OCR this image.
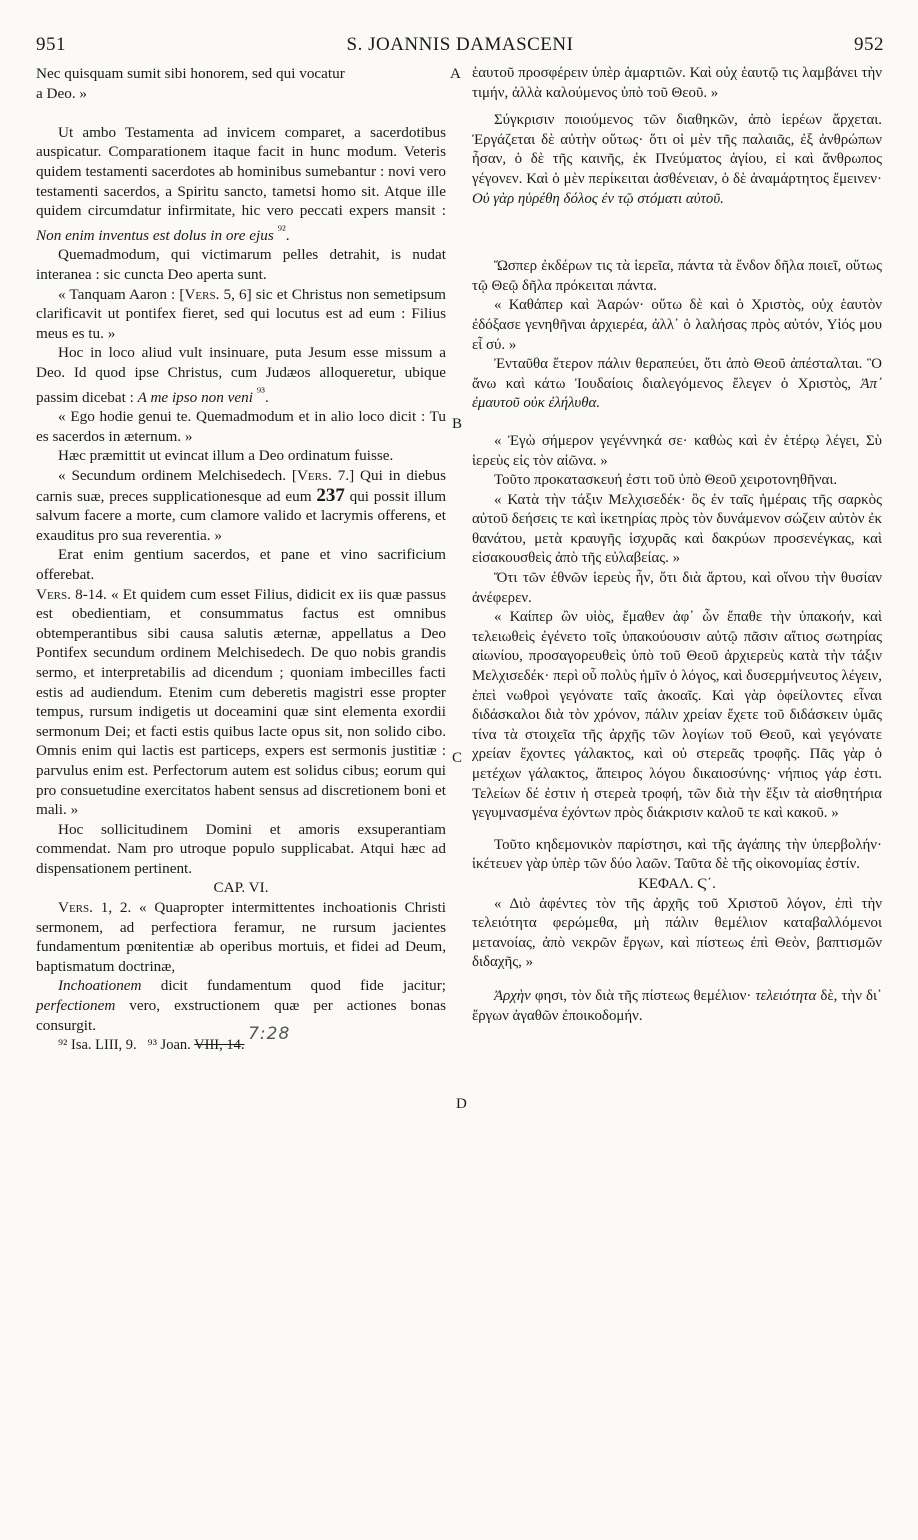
951	S. JOANNIS DAMASCENI	952
A
B
C
D

Nec quisquam sumit sibi honorem, sed qui vocatur
a Deo. »

Ut ambo Testamenta ad invicem comparet, a sacerdotibus auspicatur. Comparationem itaque facit in hunc modum. Veteris quidem testamenti sacerdotes ab hominibus sumebantur : novi vero testamenti sacerdos, a Spiritu sancto, tametsi homo sit. Atque ille quidem circumdatur infirmitate, hic vero peccati expers mansit : Non enim inventus est dolus in ore ejus $^{^{92}}$.

Quemadmodum, qui victimarum pelles detrahit, is nudat interanea : sic cuncta Deo aperta sunt.

« Tanquam Aaron : [Vers. 5, 6] sic et Christus non semetipsum clarificavit ut pontifex fieret, sed qui locutus est ad eum : Filius meus es tu. »

Hoc in loco aliud vult insinuare, puta Jesum esse missum a Deo. Id quod ipse Christus, cum Judæos alloqueretur, ubique passim dicebat : A me ipso non veni $^{^{93}}$.

« Ego hodie genui te. Quemadmodum et in alio loco dicit : Tu es sacerdos in æternum. »

Hæc præmittit ut evincat illum a Deo ordinatum fuisse.

« Secundum ordinem Melchisedech. [Vers. 7.] Qui in diebus carnis suæ, preces supplicationesque ad eum 237 qui possit illum salvum facere a morte, cum clamore valido et lacrymis offerens, et exauditus pro sua reverentia. »

Erat enim gentium sacerdos, et pane et vino sacrificium offerebat.

Vers. 8-14. « Et quidem cum esset Filius, didicit ex iis quæ passus est obedientiam, et consummatus factus est omnibus obtemperantibus sibi causa salutis æternæ, appellatus a Deo Pontifex secundum ordinem Melchisedech. De quo nobis grandis sermo, et interpretabilis ad dicendum ; quoniam imbecilles facti estis ad audiendum. Etenim cum deberetis magistri esse propter tempus, rursum indigetis ut doceamini quæ sint elementa exordii sermonum Dei; et facti estis quibus lacte opus sit, non solido cibo. Omnis enim qui lactis est particeps, expers est sermonis justitiæ : parvulus enim est. Perfectorum autem est solidus cibus; eorum qui pro consuetudine exercitatos habent sensus ad discretionem boni et mali. »

Hoc sollicitudinem Domini et amoris exsuperantiam commendat. Nam pro utroque populo supplicabat. Atqui hæc ad dispensationem pertinent.

CAP. VI.

Vers. 1, 2. « Quapropter intermittentes inchoationis Christi sermonem, ad perfectiora feramur, ne rursum jacientes fundamentum pœnitentiæ ab operibus mortuis, et fidei ad Deum, baptismatum doctrinæ,

Inchoationem dicit fundamentum quod fide jacitur; perfectionem vero, exstructionem quæ per actiones bonas consurgit.

⁹² Isa. LIII, 9. ⁹³ Joan. VIII, 14. 7:28

ἑαυτοῦ προσφέρειν ὑπὲρ ἁμαρτιῶν. Καὶ οὐχ ἑαυτῷ τις λαμβάνει τὴν τιμήν, ἀλλὰ καλούμενος ὑπὸ τοῦ Θεοῦ. »

Σύγκρισιν ποιούμενος τῶν διαθηκῶν, ἀπὸ ἱερέων ἄρχεται. Ἐργάζεται δὲ αὐτὴν οὕτως· ὅτι οἱ μὲν τῆς παλαιᾶς, ἐξ ἀνθρώπων ἦσαν, ὁ δὲ τῆς καινῆς, ἐκ Πνεύματος ἁγίου, εἰ καὶ ἄνθρωπος γέγονεν. Καὶ ὁ μὲν περίκειται ἀσθένειαν, ὁ δὲ ἀναμάρτητος ἔμεινεν· Οὐ γὰρ ηὑρέθη δόλος ἐν τῷ στόματι αὐτοῦ.

Ὥσπερ ἐκδέρων τις τὰ ἱερεῖα, πάντα τὰ ἔνδον δῆλα ποιεῖ, οὕτως τῷ Θεῷ δῆλα πρόκειται πάντα.

« Καθάπερ καὶ Ἀαρών· οὕτω δὲ καὶ ὁ Χριστὸς, οὐχ ἑαυτὸν ἐδόξασε γενηθῆναι ἀρχιερέα, ἀλλ᾽ ὁ λαλήσας πρὸς αὐτόν, Υἱός μου εἶ σύ. »

Ἐνταῦθα ἕτερον πάλιν θεραπεύει, ὅτι ἀπὸ Θεοῦ ἀπέσταλται. Ὃ ἄνω καὶ κάτω Ἰουδαίοις διαλεγόμενος ἔλεγεν ὁ Χριστὸς, Ἀπ᾽ ἐμαυτοῦ οὐκ ἐλήλυθα.

« Ἐγὼ σήμερον γεγέννηκά σε· καθὼς καὶ ἐν ἑτέρῳ λέγει, Σὺ ἱερεὺς εἰς τὸν αἰῶνα. »

Τοῦτο προκατασκευή ἐστι τοῦ ὑπὸ Θεοῦ χειροτονηθῆναι.

« Κατὰ τὴν τάξιν Μελχισεδέκ· ὃς ἐν ταῖς ἡμέραις τῆς σαρκὸς αὐτοῦ δεήσεις τε καὶ ἱκετηρίας πρὸς τὸν δυνάμενον σώζειν αὐτὸν ἐκ θανάτου, μετὰ κραυγῆς ἰσχυρᾶς καὶ δακρύων προσενέγκας, καὶ εἰσακουσθεὶς ἀπὸ τῆς εὐλαβείας. »

Ὅτι τῶν ἐθνῶν ἱερεὺς ἦν, ὅτι διὰ ἄρτου, καὶ οἴνου τὴν θυσίαν ἀνέφερεν.

« Καίπερ ὢν υἱὸς, ἔμαθεν ἀφ᾽ ὧν ἔπαθε τὴν ὑπακοήν, καὶ τελειωθεὶς ἐγένετο τοῖς ὑπακούουσιν αὐτῷ πᾶσιν αἴτιος σωτηρίας αἰωνίου, προσαγορευθεὶς ὑπὸ τοῦ Θεοῦ ἀρχιερεὺς κατὰ τὴν τάξιν Μελχισεδέκ· περὶ οὗ πολὺς ἡμῖν ὁ λόγος, καὶ δυσερμήνευτος λέγειν, ἐπεὶ νωθροὶ γεγόνατε ταῖς ἀκοαῖς. Καὶ γὰρ ὀφείλοντες εἶναι διδάσκαλοι διὰ τὸν χρόνον, πάλιν χρείαν ἔχετε τοῦ διδάσκειν ὑμᾶς τίνα τὰ στοιχεῖα τῆς ἀρχῆς τῶν λογίων τοῦ Θεοῦ, καὶ γεγόνατε χρείαν ἔχοντες γάλακτος, καὶ οὐ στερεᾶς τροφῆς. Πᾶς γὰρ ὁ μετέχων γάλακτος, ἄπειρος λόγου δικαιοσύνης· νήπιος γάρ ἐστι. Τελείων δέ ἐστιν ἡ στερεὰ τροφή, τῶν διὰ τὴν ἕξιν τὰ αἰσθητήρια γεγυμνασμένα ἐχόντων πρὸς διάκρισιν καλοῦ τε καὶ κακοῦ. »

Τοῦτο κηδεμονικὸν παρίστησι, καὶ τῆς ἀγάπης τὴν ὑπερβολήν· ἱκέτευεν γὰρ ὑπὲρ τῶν δύο λαῶν. Ταῦτα δὲ τῆς οἰκονομίας ἐστίν.

ΚΕΦΑΛ. Ϛ΄.

« Διὸ ἀφέντες τὸν τῆς ἀρχῆς τοῦ Χριστοῦ λόγον, ἐπὶ τὴν τελειότητα φερώμεθα, μὴ πάλιν θεμέλιον καταβαλλόμενοι μετανοίας, ἀπὸ νεκρῶν ἔργων, καὶ πίστεως ἐπὶ Θεὸν, βαπτισμῶν διδαχῆς, »

Ἀρχὴν φησι, τὸν διὰ τῆς πίστεως θεμέλιον· τελειότητα δὲ, τὴν δι᾽ ἔργων ἀγαθῶν ἐποικοδομήν.
